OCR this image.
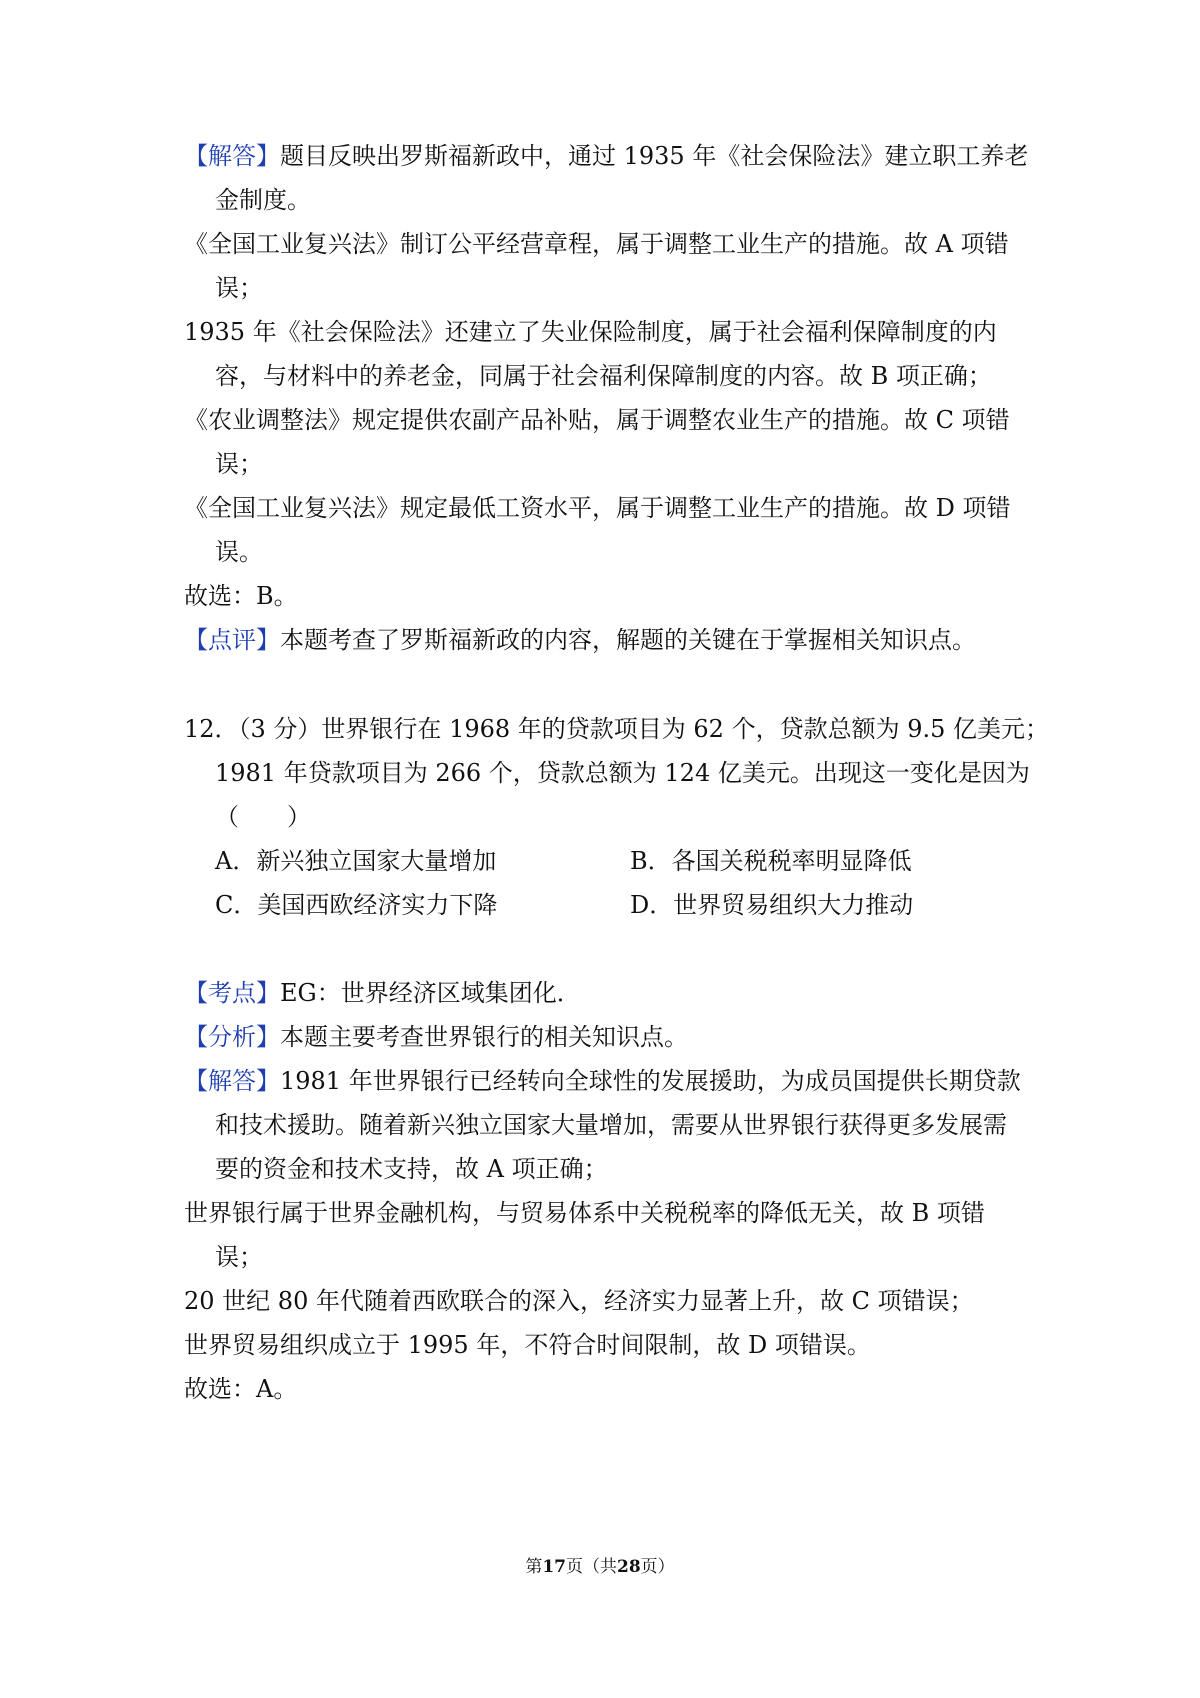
【解答】题目反映出罗斯福新政中，通过 1935 年《社会保险法》建立职工养老
金制度。
《全国工业复兴法》制订公平经营章程，属于调整工业生产的措施。故 A 项错
误；
1935 年《社会保险法》还建立了失业保险制度，属于社会福利保障制度的内
容，与材料中的养老金，同属于社会福利保障制度的内容。故 B 项正确；
《农业调整法》规定提供农副产品补贴，属于调整农业生产的措施。故 C 项错
误；
《全国工业复兴法》规定最低工资水平，属于调整工业生产的措施。故 D 项错
误。
故选：B。
【点评】本题考查了罗斯福新政的内容，解题的关键在于掌握相关知识点。
12．（3 分）世界银行在 1968 年的贷款项目为 62 个，贷款总额为 9.5 亿美元；
1981 年贷款项目为 266 个，贷款总额为 124 亿美元。出现这一变化是因为
（　　）
A．新兴独立国家大量增加	B．各国关税税率明显降低
C．美国西欧经济实力下降	D．世界贸易组织大力推动
【考点】EG：世界经济区域集团化．
【分析】本题主要考查世界银行的相关知识点。
【解答】1981 年世界银行已经转向全球性的发展援助，为成员国提供长期贷款
和技术援助。随着新兴独立国家大量增加，需要从世界银行获得更多发展需
要的资金和技术支持，故 A 项正确；
世界银行属于世界金融机构，与贸易体系中关税税率的降低无关，故 B 项错
误；
20 世纪 80 年代随着西欧联合的深入，经济实力显著上升，故 C 项错误；
世界贸易组织成立于 1995 年，不符合时间限制，故 D 项错误。
故选：A。
第17页（共28页）
